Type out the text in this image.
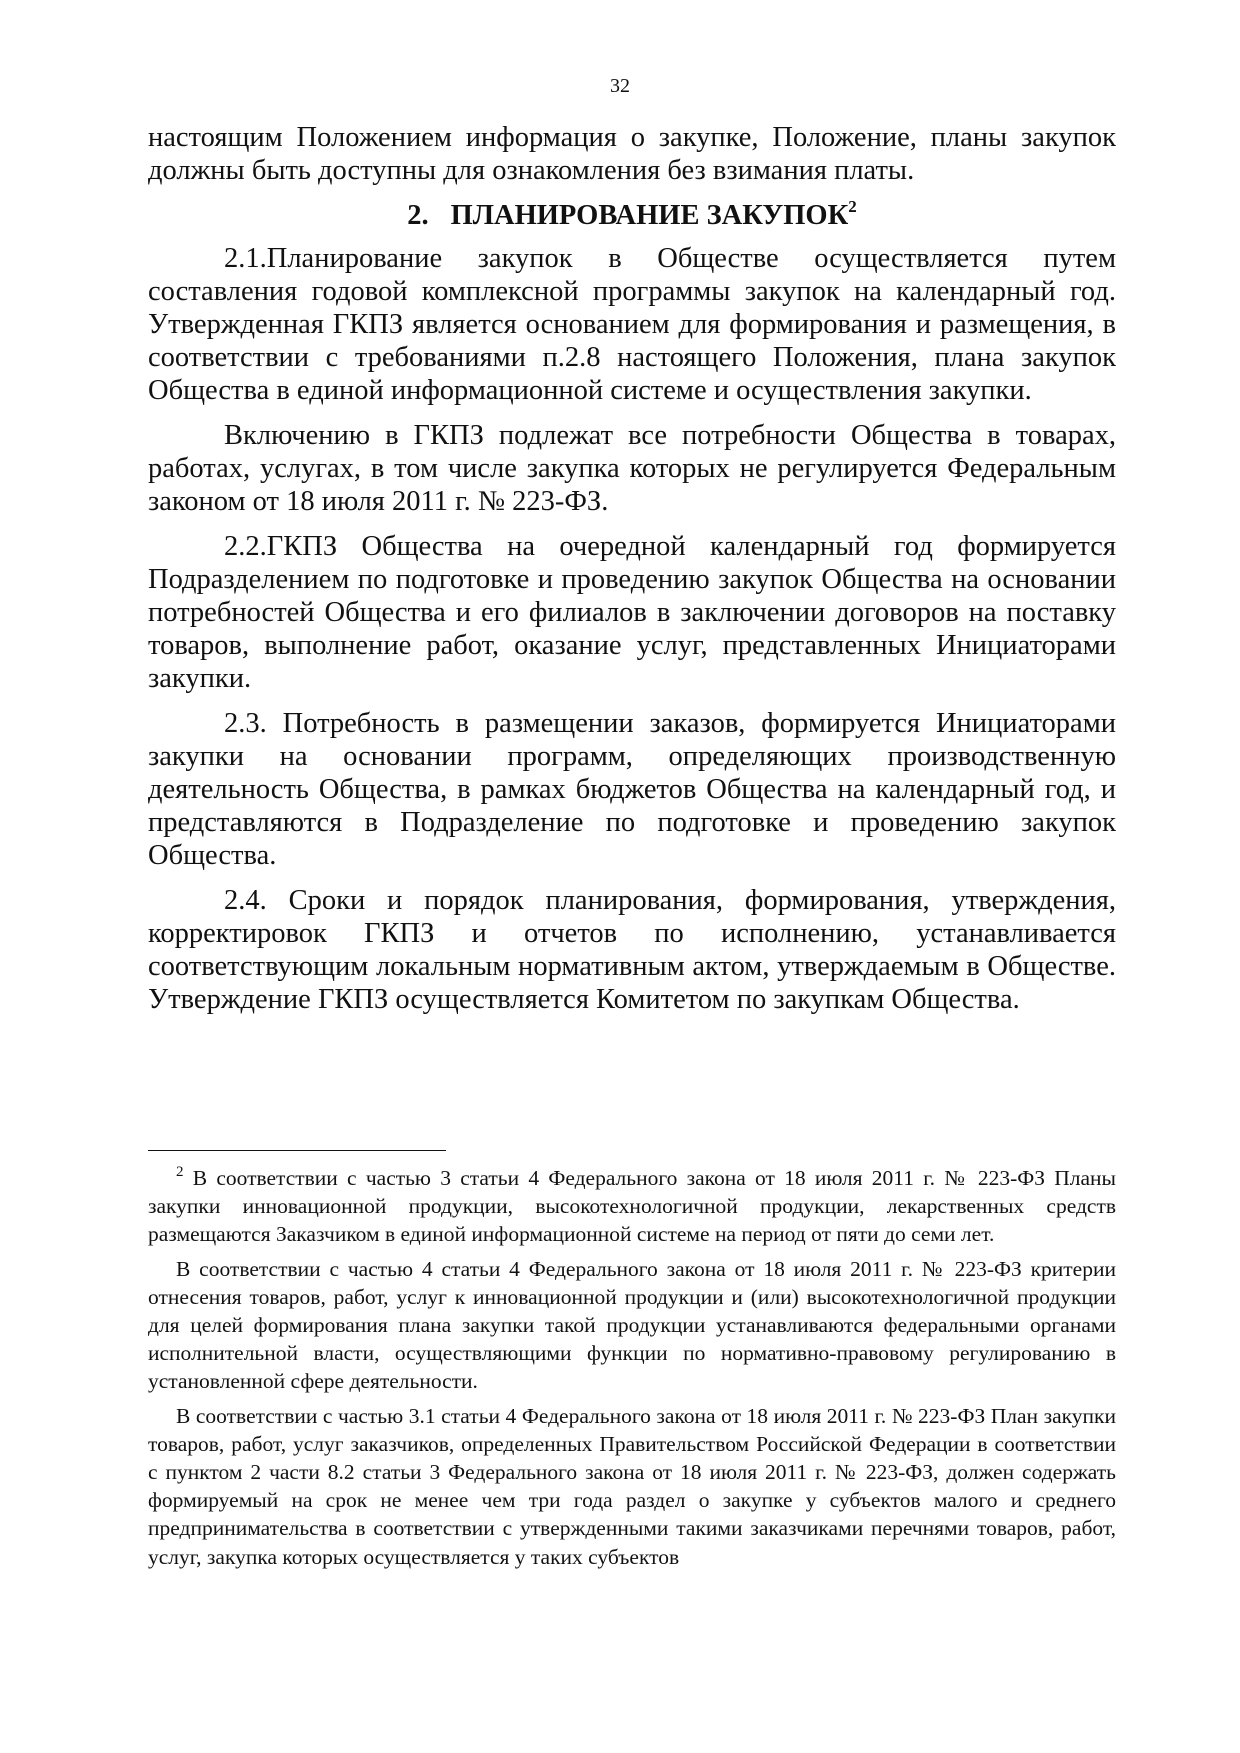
32

настоящим Положением информация о закупке, Положение, планы закупок должны быть доступны для ознакомления без взимания платы.

2. ПЛАНИРОВАНИЕ ЗАКУПОК$^2$

2.1.Планирование закупок в Обществе осуществляется путем составления годовой комплексной программы закупок на календарный год. Утвержденная ГКПЗ является основанием для формирования и размещения, в соответствии с требованиями п.2.8 настоящего Положения, плана закупок Общества в единой информационной системе и осуществления закупки.

Включению в ГКПЗ подлежат все потребности Общества в товарах, работах, услугах, в том числе закупка которых не регулируется Федеральным законом от 18 июля 2011 г. № 223-ФЗ.

2.2.ГКПЗ Общества на очередной календарный год формируется Подразделением по подготовке и проведению закупок Общества на основании потребностей Общества и его филиалов в заключении договоров на поставку товаров, выполнение работ, оказание услуг, представленных Инициаторами закупки.

2.3. Потребность в размещении заказов, формируется Инициаторами закупки на основании программ, определяющих производственную деятельность Общества, в рамках бюджетов Общества на календарный год, и представляются в Подразделение по подготовке и проведению закупок Общества.

2.4. Сроки и порядок планирования, формирования, утверждения, корректировок ГКПЗ и отчетов по исполнению, устанавливается соответствующим локальным нормативным актом, утверждаемым в Обществе. Утверждение ГКПЗ осуществляется Комитетом по закупкам Общества.

$^2$ В соответствии с частью 3 статьи 4 Федерального закона от 18 июля 2011 г. № 223-ФЗ Планы закупки инновационной продукции, высокотехнологичной продукции, лекарственных средств размещаются Заказчиком в единой информационной системе на период от пяти до семи лет.

В соответствии с частью 4 статьи 4 Федерального закона от 18 июля 2011 г. № 223-ФЗ критерии отнесения товаров, работ, услуг к инновационной продукции и (или) высокотехнологичной продукции для целей формирования плана закупки такой продукции устанавливаются федеральными органами исполнительной власти, осуществляющими функции по нормативно-правовому регулированию в установленной сфере деятельности.

В соответствии с частью 3.1 статьи 4 Федерального закона от 18 июля 2011 г. № 223-ФЗ План закупки товаров, работ, услуг заказчиков, определенных Правительством Российской Федерации в соответствии с пунктом 2 части 8.2 статьи 3 Федерального закона от 18 июля 2011 г. № 223-ФЗ, должен содержать формируемый на срок не менее чем три года раздел о закупке у субъектов малого и среднего предпринимательства в соответствии с утвержденными такими заказчиками перечнями товаров, работ, услуг, закупка которых осуществляется у таких субъектов
